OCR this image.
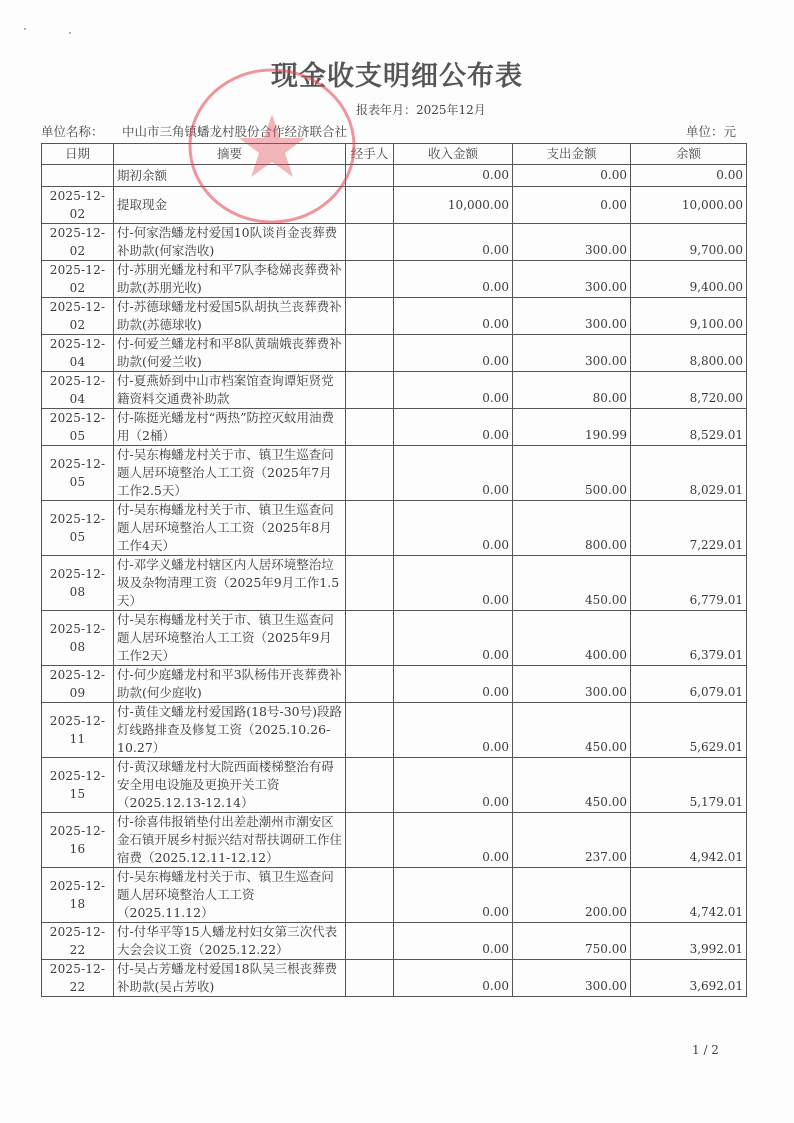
现金收支明细公布表
报表年月：2025年12月
单位名称： 中山市三角镇蟠龙村股份合作经济联合社	单位：元
日期	摘要	经手人	收入金额	支出金额	余额
	期初余额		0.00	0.00	0.00
2025-12-02	提取现金		10,000.00	0.00	10,000.00
2025-12-02	付-何家浩蟠龙村爱国10队谈肖金丧葬费补助款(何家浩收)		0.00	300.00	9,700.00
2025-12-02	付-苏朋光蟠龙村和平7队李稔娣丧葬费补助款(苏朋光收)		0.00	300.00	9,400.00
2025-12-02	付-苏德球蟠龙村爱国5队胡执兰丧葬费补助款(苏德球收)		0.00	300.00	9,100.00
2025-12-04	付-何爱兰蟠龙村和平8队黄瑞娥丧葬费补助款(何爱兰收)		0.00	300.00	8,800.00
2025-12-04	付-夏燕娇到中山市档案馆查询谭矩贤党籍资料交通费补助款		0.00	80.00	8,720.00
2025-12-05	付-陈挺光蟠龙村“两热”防控灭蚊用油费用（2桶）		0.00	190.99	8,529.01
2025-12-05	付-吴东梅蟠龙村关于市、镇卫生巡查问题人居环境整治人工工资（2025年7月工作2.5天）		0.00	500.00	8,029.01
2025-12-05	付-吴东梅蟠龙村关于市、镇卫生巡查问题人居环境整治人工工资（2025年8月工作4天）		0.00	800.00	7,229.01
2025-12-08	付-邓学义蟠龙村辖区内人居环境整治垃圾及杂物清理工资（2025年9月工作1.5天）		0.00	450.00	6,779.01
2025-12-08	付-吴东梅蟠龙村关于市、镇卫生巡查问题人居环境整治人工工资（2025年9月工作2天）		0.00	400.00	6,379.01
2025-12-09	付-何少庭蟠龙村和平3队杨伟开丧葬费补助款(何少庭收)		0.00	300.00	6,079.01
2025-12-11	付-黄佳文蟠龙村爱国路(18号-30号)段路灯线路排查及修复工资（2025.10.26-10.27）		0.00	450.00	5,629.01
2025-12-15	付-黄汉球蟠龙村大院西面楼梯整治有碍安全用电设施及更换开关工资（2025.12.13-12.14）		0.00	450.00	5,179.01
2025-12-16	付-徐喜伟报销垫付出差赴潮州市潮安区金石镇开展乡村振兴结对帮扶调研工作住宿费（2025.12.11-12.12）		0.00	237.00	4,942.01
2025-12-18	付-吴东梅蟠龙村关于市、镇卫生巡查问题人居环境整治人工工资（2025.11.12）		0.00	200.00	4,742.01
2025-12-22	付-付华平等15人蟠龙村妇女第三次代表大会会议工资（2025.12.22）		0.00	750.00	3,992.01
2025-12-22	付-吴占芳蟠龙村爱国18队吴三根丧葬费补助款(吴占芳收)		0.00	300.00	3,692.01
1 / 2
